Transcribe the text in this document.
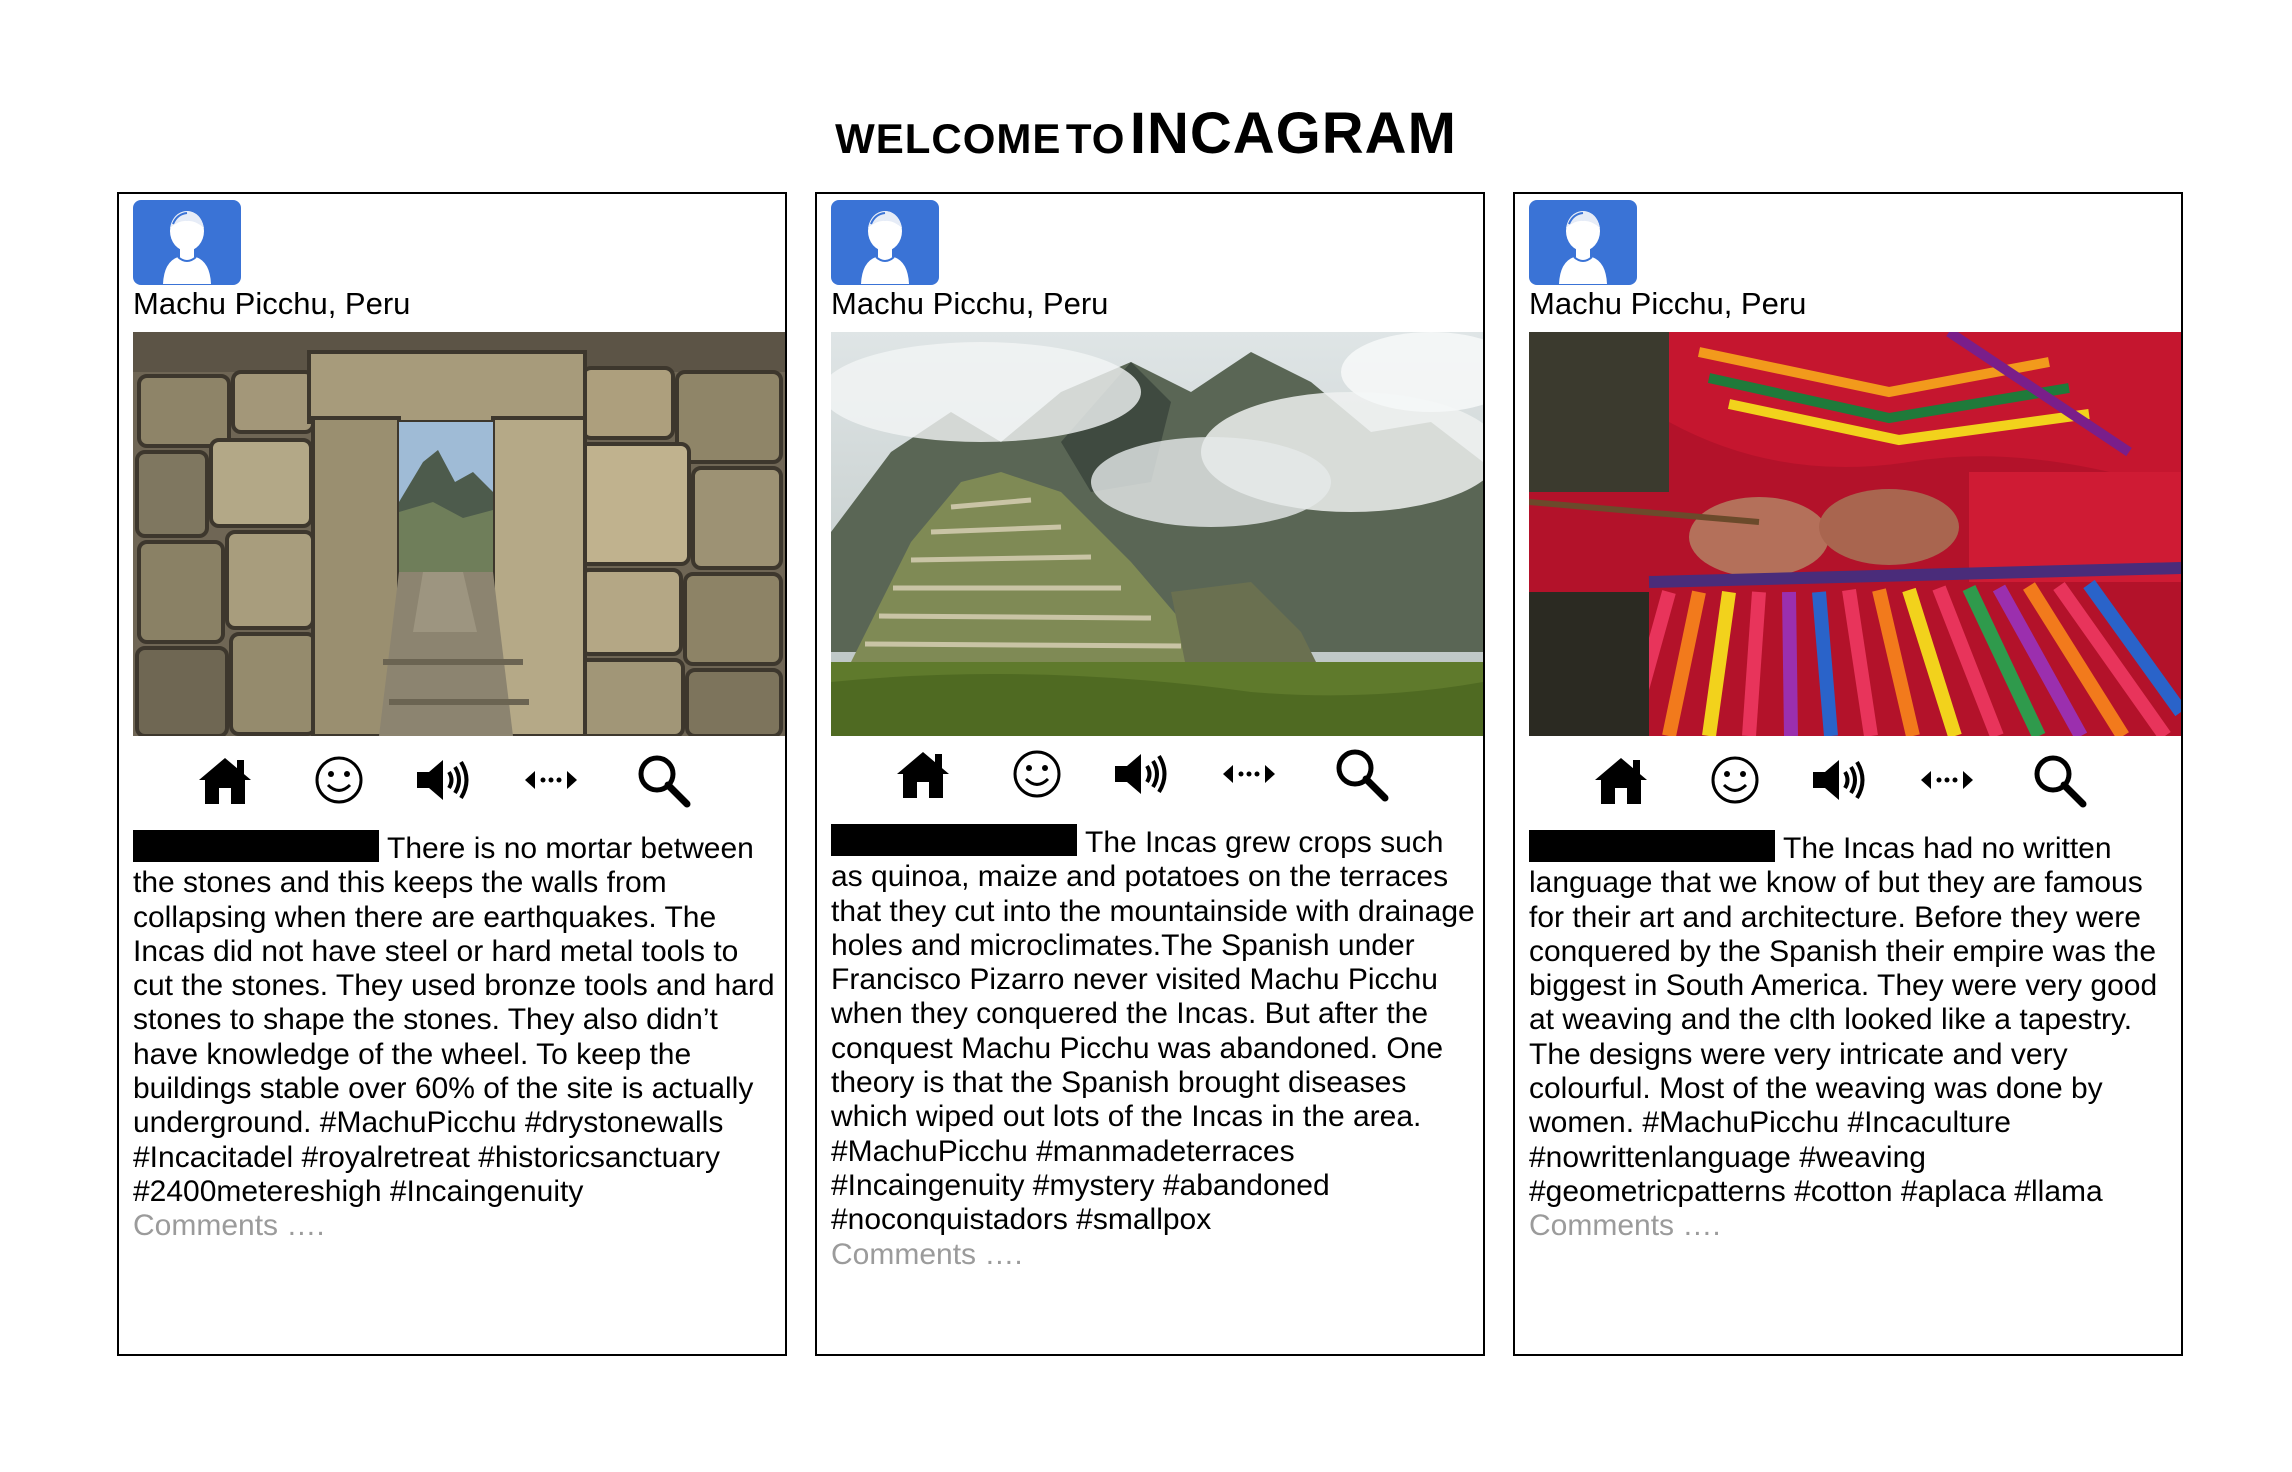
WELCOME TO INCAGRAM
Machu Picchu, Peru
There is no mortar between the stones and this keeps the walls from collapsing when there are earthquakes. The Incas did not have steel or hard metal tools to cut the stones. They used bronze tools and hard stones to shape the stones. They also didn’t have knowledge of the wheel. To keep the buildings stable over 60% of the site is actually underground. #MachuPicchu #drystonewalls #Incacitadel #royalretreat #historicsanctuary #2400metereshigh #Incaingenuity
Comments ….
Machu Picchu, Peru
The Incas grew crops such as quinoa, maize and potatoes on the terraces that they cut into the mountainside with drainage holes and microclimates.The Spanish under Francisco Pizarro never visited Machu Picchu when they conquered the Incas. But after the conquest Machu Picchu was abandoned. One theory is that the Spanish brought diseases which wiped out lots of the Incas in the area. #MachuPicchu #manmadeterraces #Incaingenuity #mystery #abandoned #noconquistadors #smallpox
Comments ….
Machu Picchu, Peru
The Incas had no written language that we know of but they are famous for their art and architecture. Before they were conquered by the Spanish their empire was the biggest in South America. They were very good at weaving and the clth looked like a tapestry. The designs were very intricate and very colourful. Most of the weaving was done by women. #MachuPicchu #Incaculture #nowrittenlanguage #weaving #geometricpatterns #cotton #aplaca #llama
Comments ….
